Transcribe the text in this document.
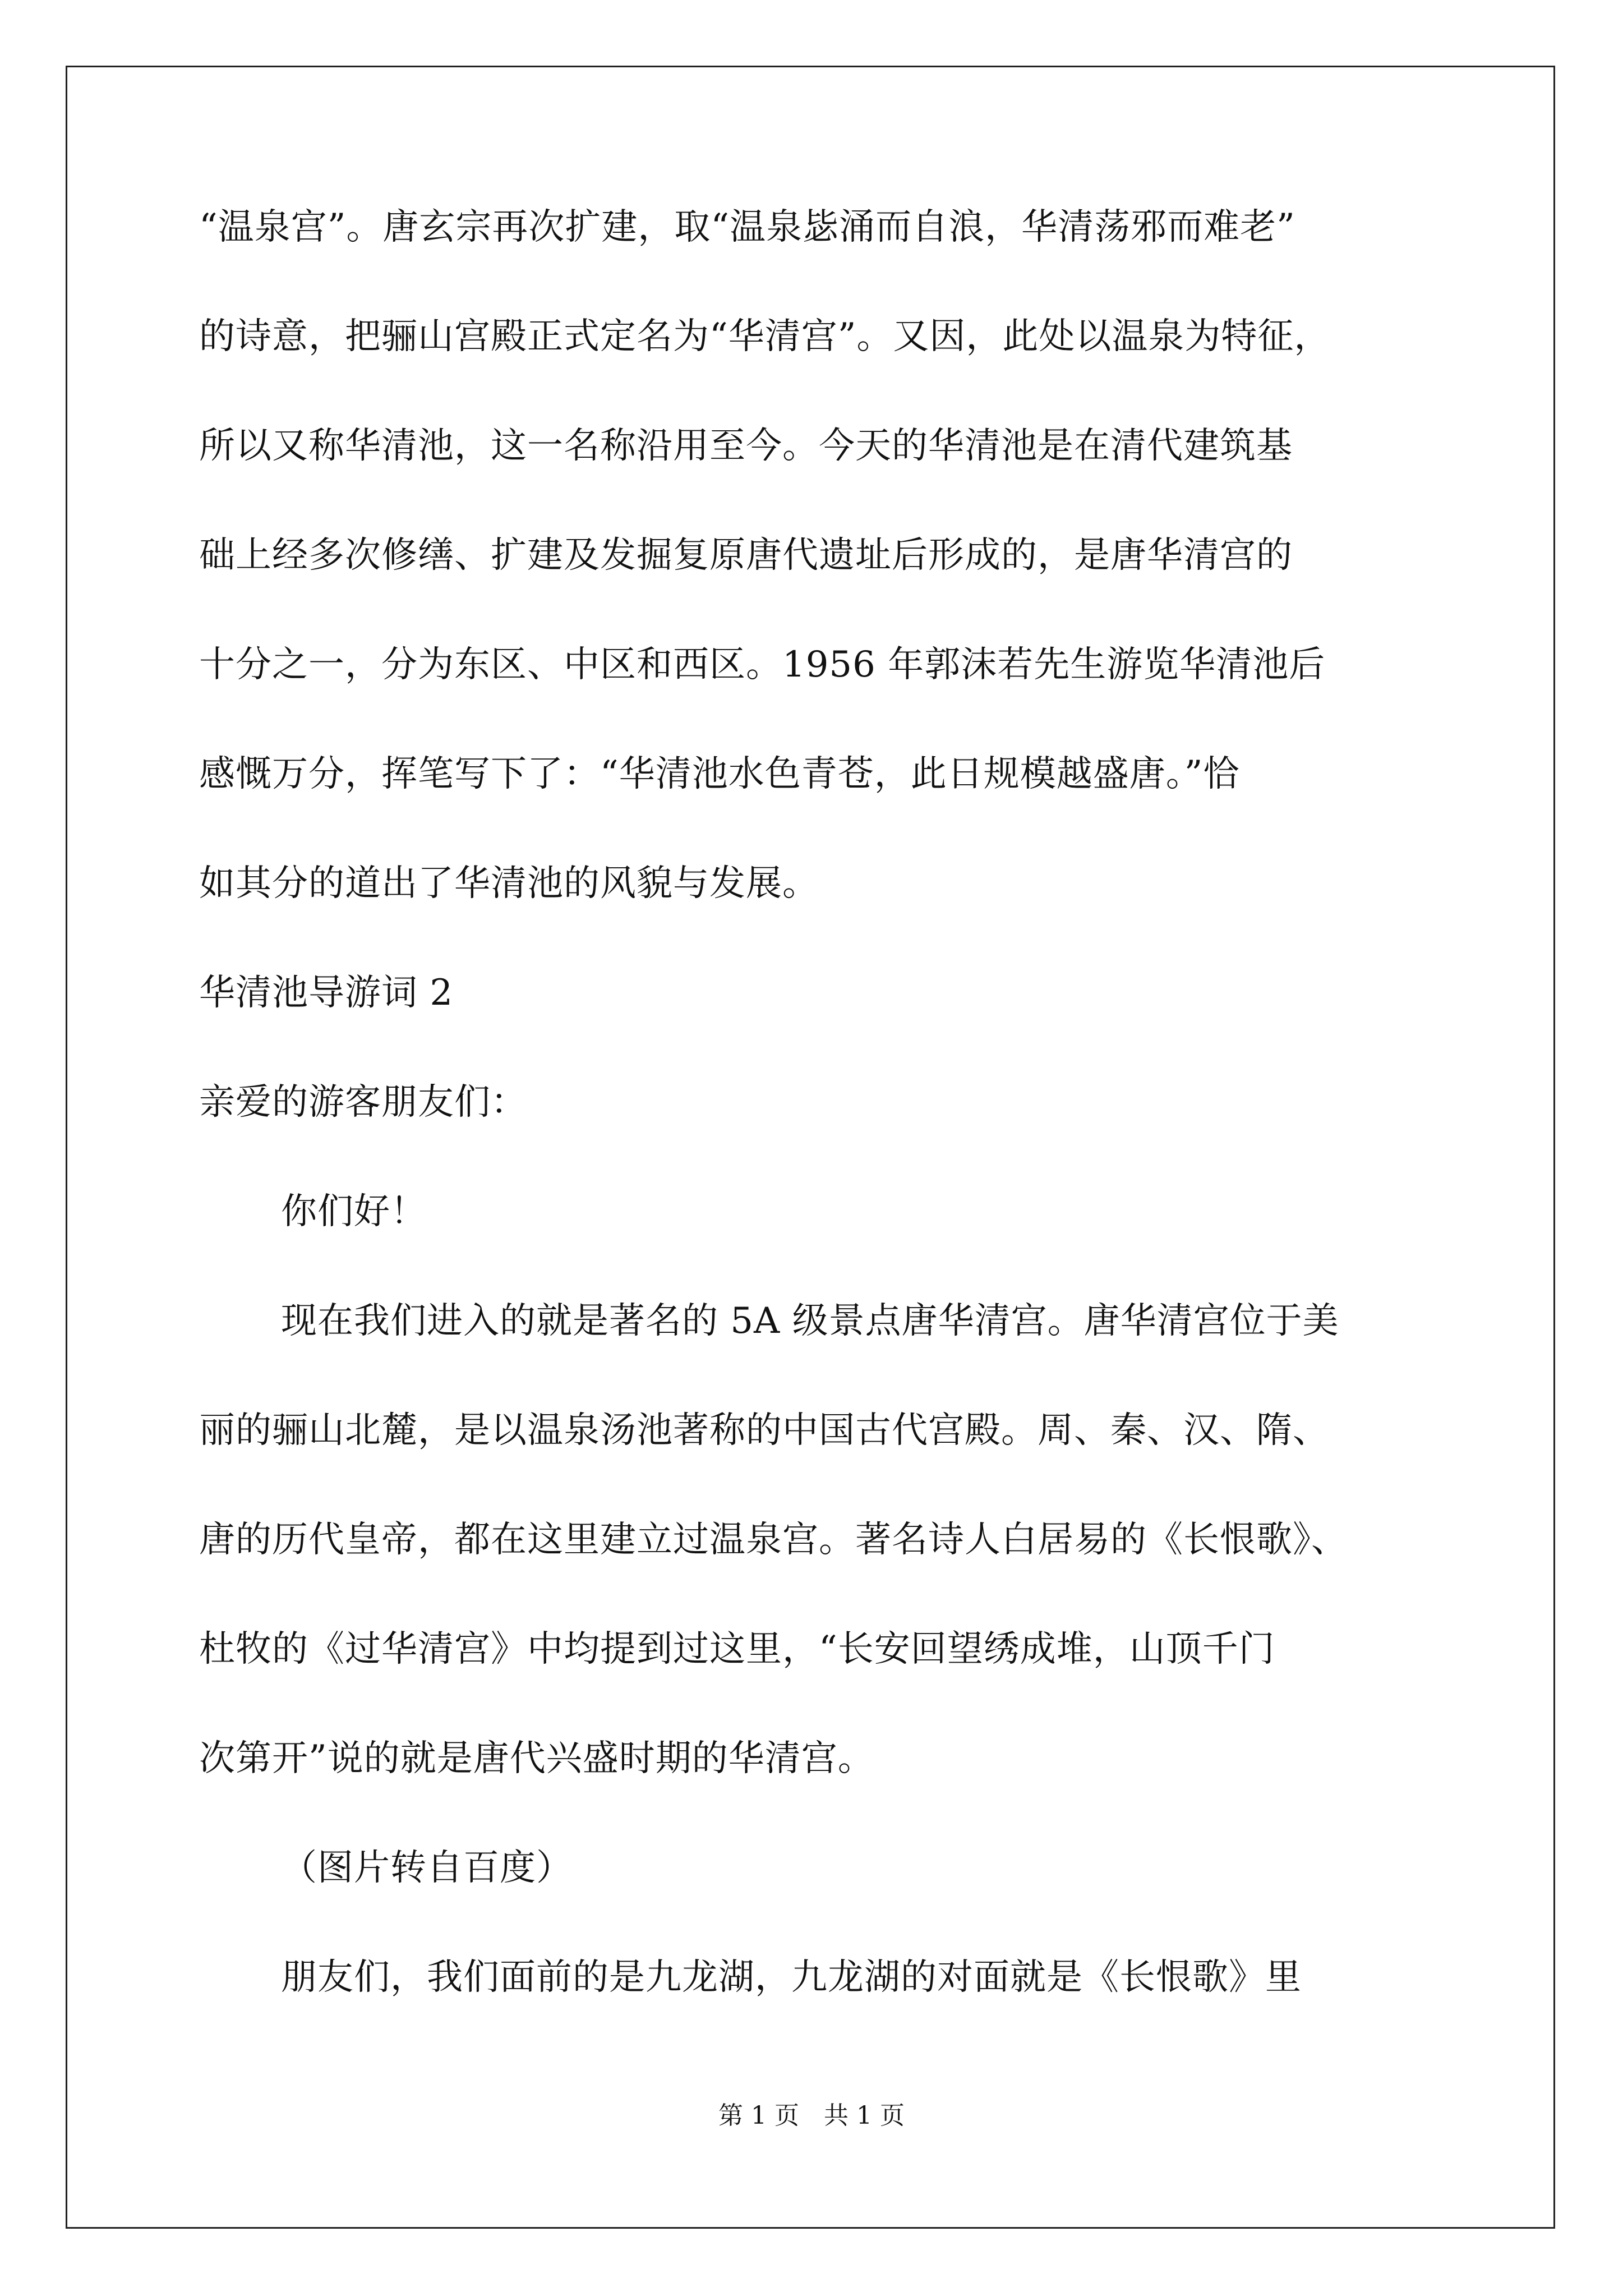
“温泉宫”。唐玄宗再次扩建，取“温泉毖涌而自浪，华清荡邪而难老”
的诗意，把骊山宫殿正式定名为“华清宫”。又因，此处以温泉为特征，
所以又称华清池，这一名称沿用至今。今天的华清池是在清代建筑基
础上经多次修缮、扩建及发掘复原唐代遗址后形成的，是唐华清宫的
十分之一，分为东区、中区和西区。1956 年郭沫若先生游览华清池后
感慨万分，挥笔写下了：“华清池水色青苍，此日规模越盛唐。”恰
如其分的道出了华清池的风貌与发展。
华清池导游词 2
亲爱的游客朋友们：
你们好！
现在我们进入的就是著名的 5A 级景点唐华清宫。唐华清宫位于美
丽的骊山北麓，是以温泉汤池著称的中国古代宫殿。周、秦、汉、隋、
唐的历代皇帝，都在这里建立过温泉宫。著名诗人白居易的《长恨歌》、
杜牧的《过华清宫》中均提到过这里，“长安回望绣成堆，山顶千门
次第开”说的就是唐代兴盛时期的华清宫。
（图片转自百度）
朋友们，我们面前的是九龙湖，九龙湖的对面就是《长恨歌》里
第 1 页 共 1 页
